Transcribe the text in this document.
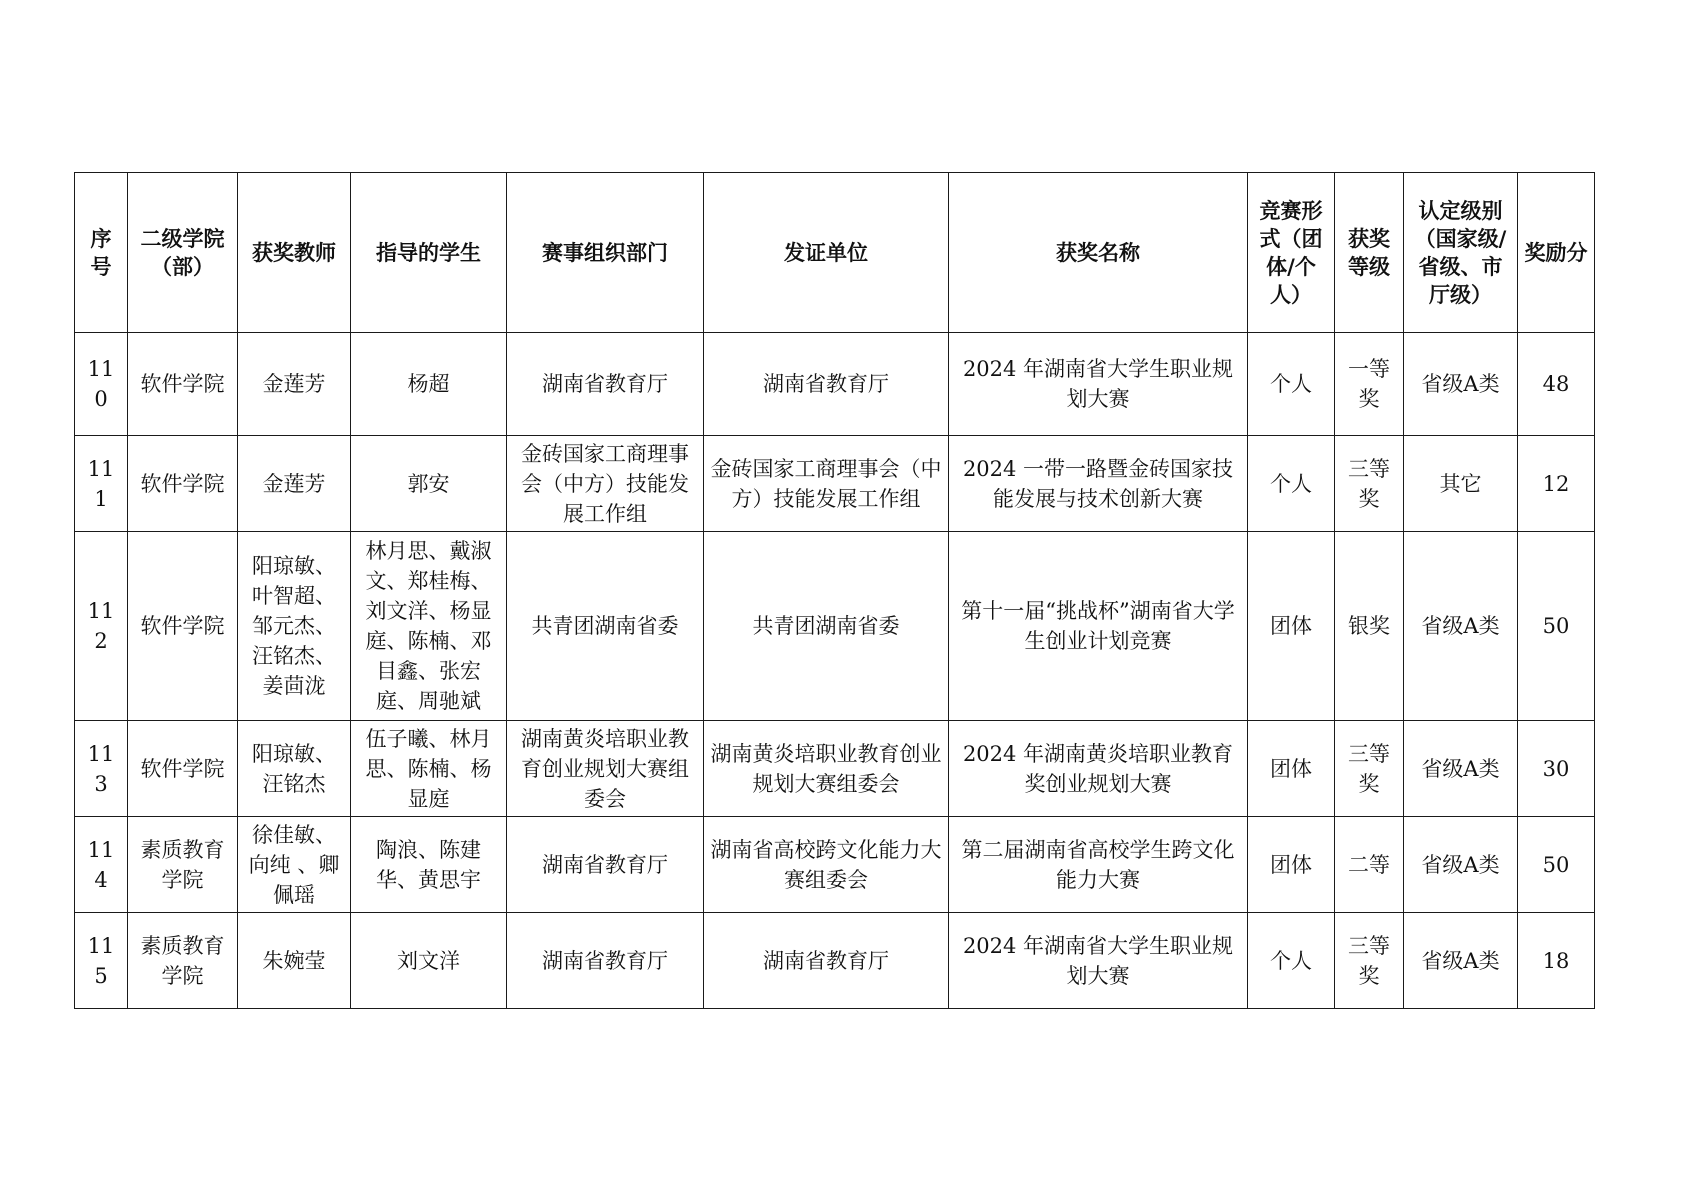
序号	二级学院（部）	获奖教师	指导的学生	赛事组织部门	发证单位	获奖名称	竞赛形式（团体/个人）	获奖等级	认定级别（国家级/省级、市厅级）	奖励分
110	软件学院	金莲芳	杨超	湖南省教育厅	湖南省教育厅	2024 年湖南省大学生职业规划大赛	个人	一等奖	省级A类	48
111	软件学院	金莲芳	郭安	金砖国家工商理事会（中方）技能发展工作组	金砖国家工商理事会（中方）技能发展工作组	2024 一带一路暨金砖国家技能发展与技术创新大赛	个人	三等奖	其它	12
112	软件学院	阳琼敏、叶智超、邹元杰、汪铭杰、姜茴泷	林月思、戴淑文、郑桂梅、刘文洋、杨显庭、陈楠、邓目鑫、张宏庭、周驰斌	共青团湖南省委	共青团湖南省委	第十一届“挑战杯”湖南省大学生创业计划竞赛	团体	银奖	省级A类	50
113	软件学院	阳琼敏、汪铭杰	伍子曦、林月思、陈楠、杨显庭	湖南黄炎培职业教育创业规划大赛组委会	湖南黄炎培职业教育创业规划大赛组委会	2024 年湖南黄炎培职业教育奖创业规划大赛	团体	三等奖	省级A类	30
114	素质教育学院	徐佳敏、向纯 、卿佩瑶	陶浪、陈建华、黄思宇	湖南省教育厅	湖南省高校跨文化能力大赛组委会	第二届湖南省高校学生跨文化能力大赛	团体	二等	省级A类	50
115	素质教育学院	朱婉莹	刘文洋	湖南省教育厅	湖南省教育厅	2024 年湖南省大学生职业规划大赛	个人	三等奖	省级A类	18
